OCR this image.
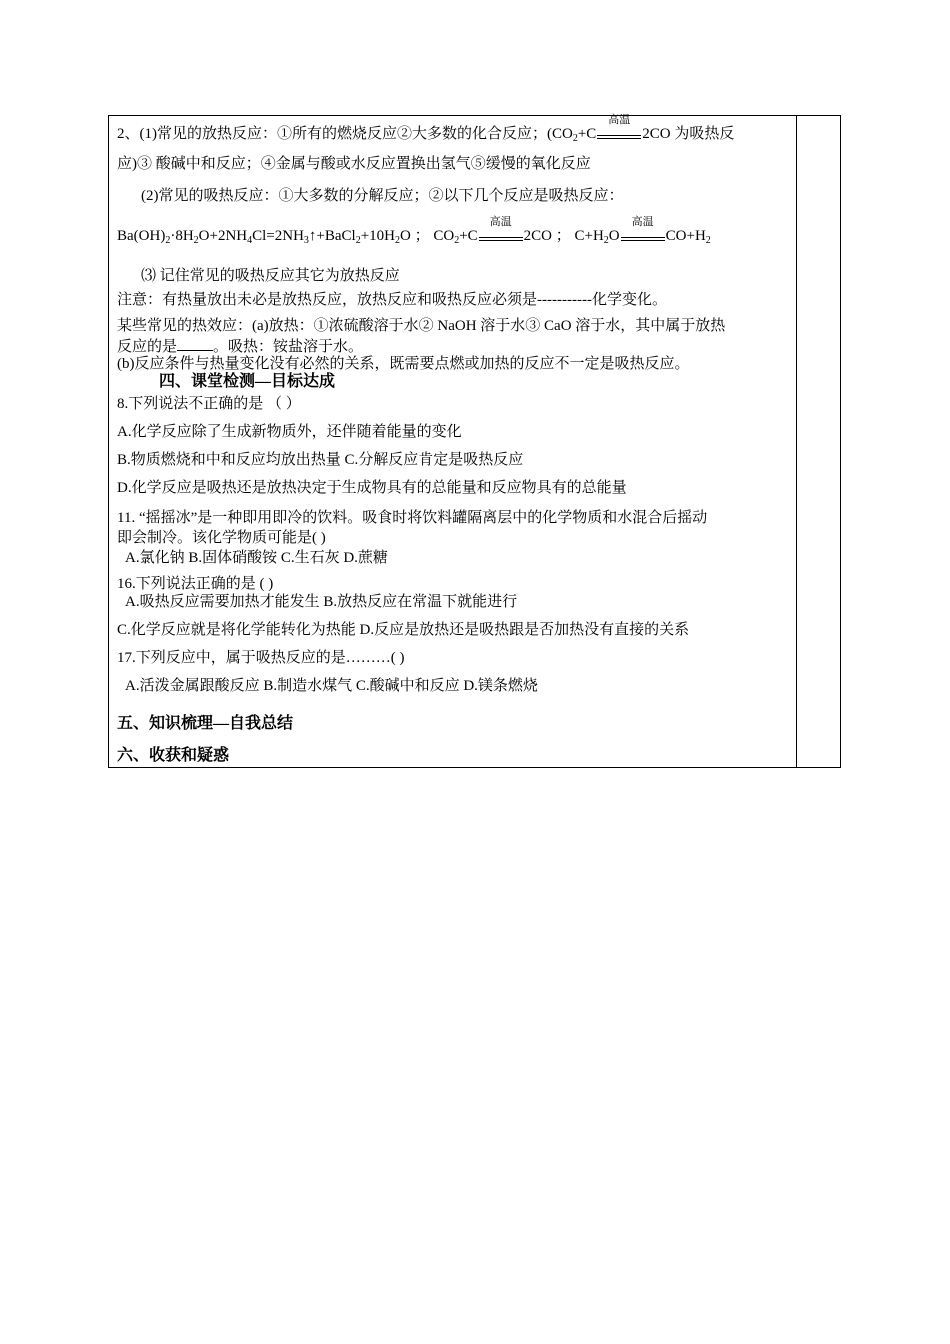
2、(1)常见的放热反应：①所有的燃烧反应②大多数的化合反应；($CO_2+C$
高温
2CO 为吸热反
应)③ 酸碱中和反应；④金属与酸或水反应置换出氢气⑤缓慢的氧化反应
(2)常见的吸热反应：①大多数的分解反应；②以下几个反应是吸热反应：
$Ba(OH)_2\cdot 8H_2O+2NH_4Cl=2NH_3↑+BaCl_2+10H_2O$ ； $CO_2+C$
高温
2CO ； $C+H_2O$
高温
$CO+H_2$
⑶ 记住常见的吸热反应其它为放热反应
注意：有热量放出未必是放热反应，放热反应和吸热反应必须是-----------化学变化。
某些常见的热效应：(a)放热：①浓硫酸溶于水② NaOH 溶于水③ CaO 溶于水，其中属于放热
反应的是 。吸热：铵盐溶于水。
(b)反应条件与热量变化没有必然的关系，既需要点燃或加热的反应不一定是吸热反应。
四、课堂检测—目标达成
8.下列说法不正确的是 （ ）
A.化学反应除了生成新物质外，还伴随着能量的变化
B.物质燃烧和中和反应均放出热量 C.分解反应肯定是吸热反应
D.化学反应是吸热还是放热决定于生成物具有的总能量和反应物具有的总能量
11. “摇摇冰”是一种即用即冷的饮料。吸食时将饮料罐隔离层中的化学物质和水混合后摇动
即会制冷。该化学物质可能是( )
A.氯化钠 B.固体硝酸铵 C.生石灰 D.蔗糖
16.下列说法正确的是 ( )
A.吸热反应需要加热才能发生 B.放热反应在常温下就能进行
C.化学反应就是将化学能转化为热能 D.反应是放热还是吸热跟是否加热没有直接的关系
17.下列反应中，属于吸热反应的是………( )
A.活泼金属跟酸反应 B.制造水煤气 C.酸碱中和反应 D.镁条燃烧
五、知识梳理—自我总结
六、收获和疑惑
